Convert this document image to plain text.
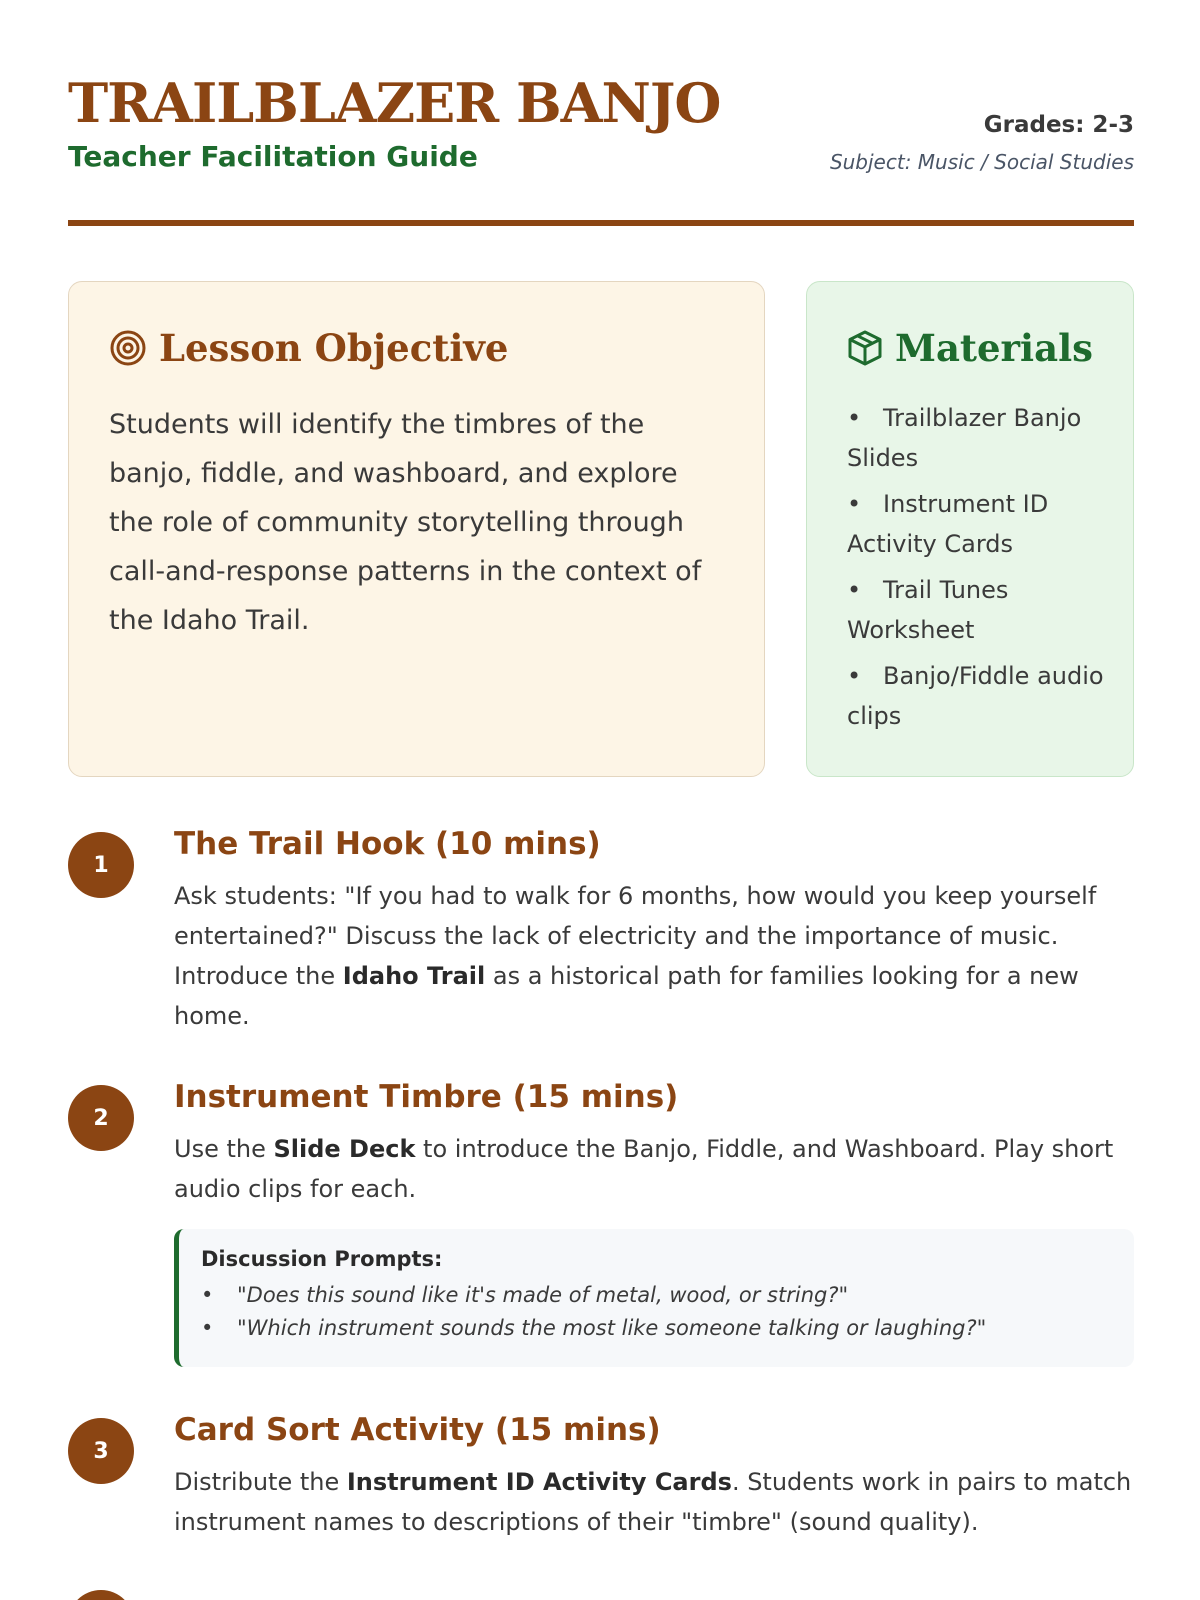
TRAILBLAZER BANJO
Teacher Facilitation Guide
Grades: 2-3
Subject: Music / Social Studies
Lesson Objective
Students will identify the timbres of the banjo, fiddle, and washboard, and explore the role of community storytelling through call-and-response patterns in the context of the Idaho Trail.
Materials
• Trailblazer Banjo Slides
• Instrument ID Activity Cards
• Trail Tunes Worksheet
• Banjo/Fiddle audio clips
1
The Trail Hook (10 mins)
Ask students: "If you had to walk for 6 months, how would you keep yourself entertained?" Discuss the lack of electricity and the importance of music. Introduce the Idaho Trail as a historical path for families looking for a new home.
2
Instrument Timbre (15 mins)
Use the Slide Deck to introduce the Banjo, Fiddle, and Washboard. Play short audio clips for each.
Discussion Prompts:
• "Does this sound like it's made of metal, wood, or string?"
• "Which instrument sounds the most like someone talking or laughing?"
3
Card Sort Activity (15 mins)
Distribute the Instrument ID Activity Cards. Students work in pairs to match instrument names to descriptions of their "timbre" (sound quality).
